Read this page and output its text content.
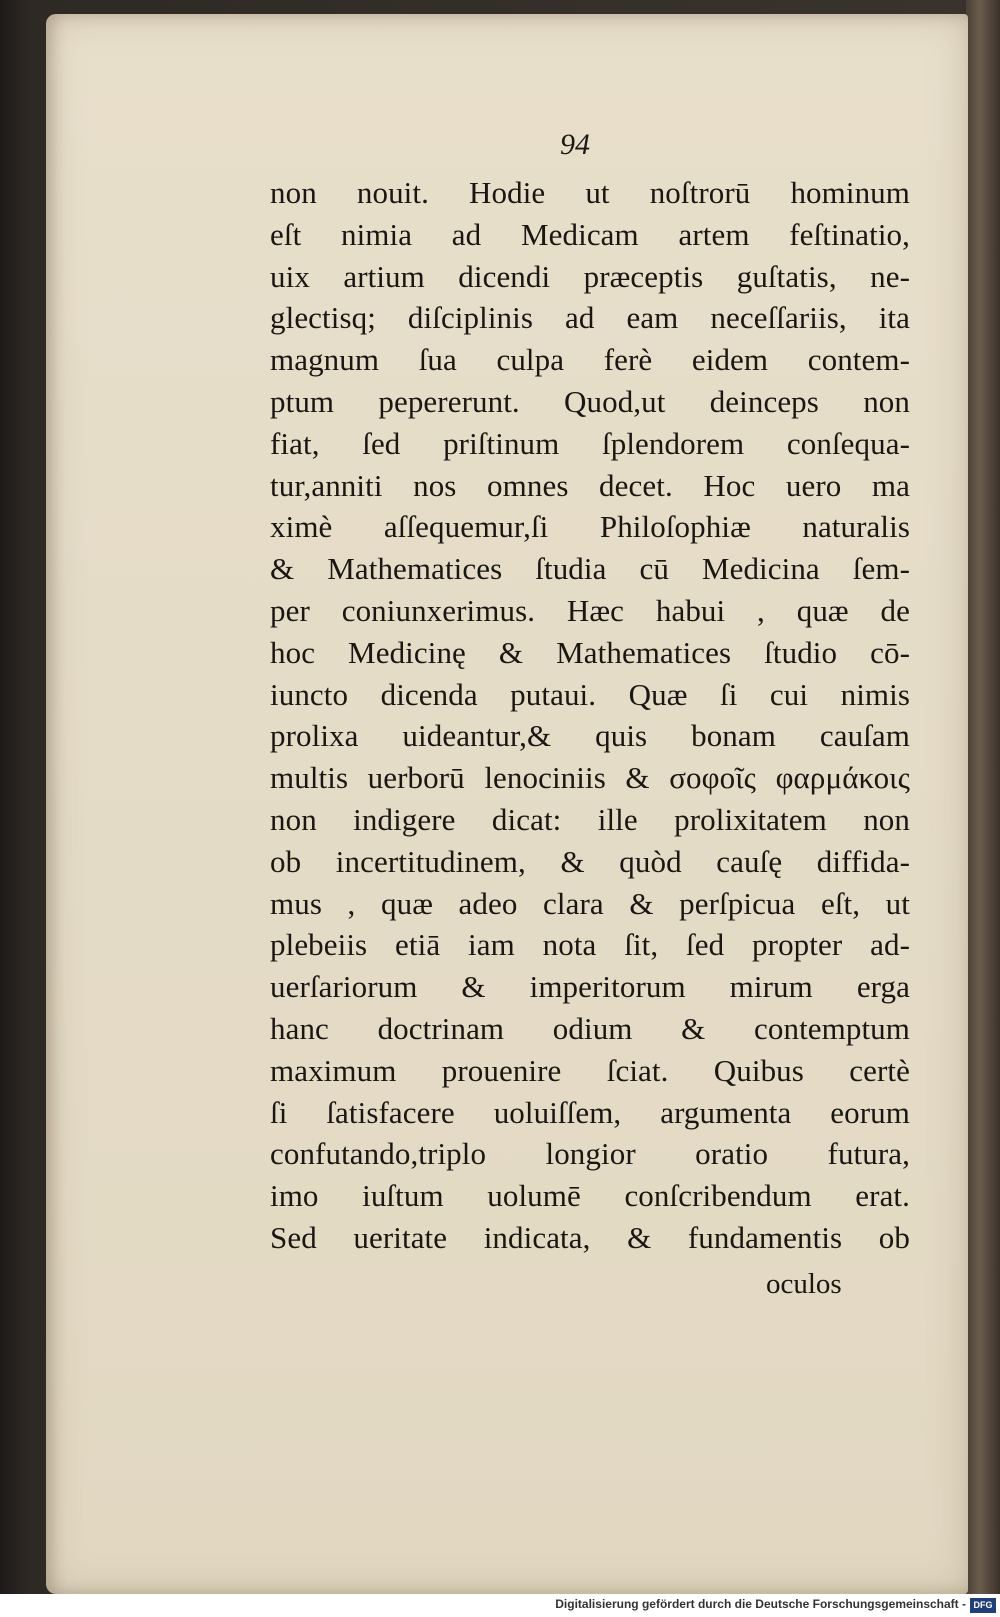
94
non nouit. Hodie ut noſtrorū hominum
eſt nimia ad Medicam artem feſtinatio,
uix artium dicendi præceptis guſtatis, ne-
glectisq; diſciplinis ad eam neceſſariis, ita
magnum ſua culpa ferè eidem contem-
ptum pepererunt. Quod,ut deinceps non
fiat, ſed priſtinum ſplendorem conſequa-
tur,anniti nos omnes decet. Hoc uero ma
ximè aſſequemur,ſi Philoſophiæ naturalis
& Mathematices ſtudia cū Medicina ſem-
per coniunxerimus. Hæc habui , quæ de
hoc Medicinę & Mathematices ſtudio cō-
iuncto dicenda putaui. Quæ ſi cui nimis
prolixa uideantur,& quis bonam cauſam
multis uerborū lenociniis & σοφοῖς φαρμάκοις
non indigere dicat: ille prolixitatem non
ob incertitudinem, & quòd cauſę diffida-
mus , quæ adeo clara & perſpicua eſt, ut
plebeiis etiā iam nota ſit, ſed propter ad-
uerſariorum & imperitorum mirum erga
hanc doctrinam odium & contemptum
maximum prouenire ſciat. Quibus certè
ſi ſatisfacere uoluiſſem, argumenta eorum
confutando,triplo longior oratio futura,
imo iuſtum uolumē conſcribendum erat.
Sed ueritate indicata, & fundamentis ob
oculos
Digitalisierung gefördert durch die Deutsche Forschungsgemeinschaft - DFG
